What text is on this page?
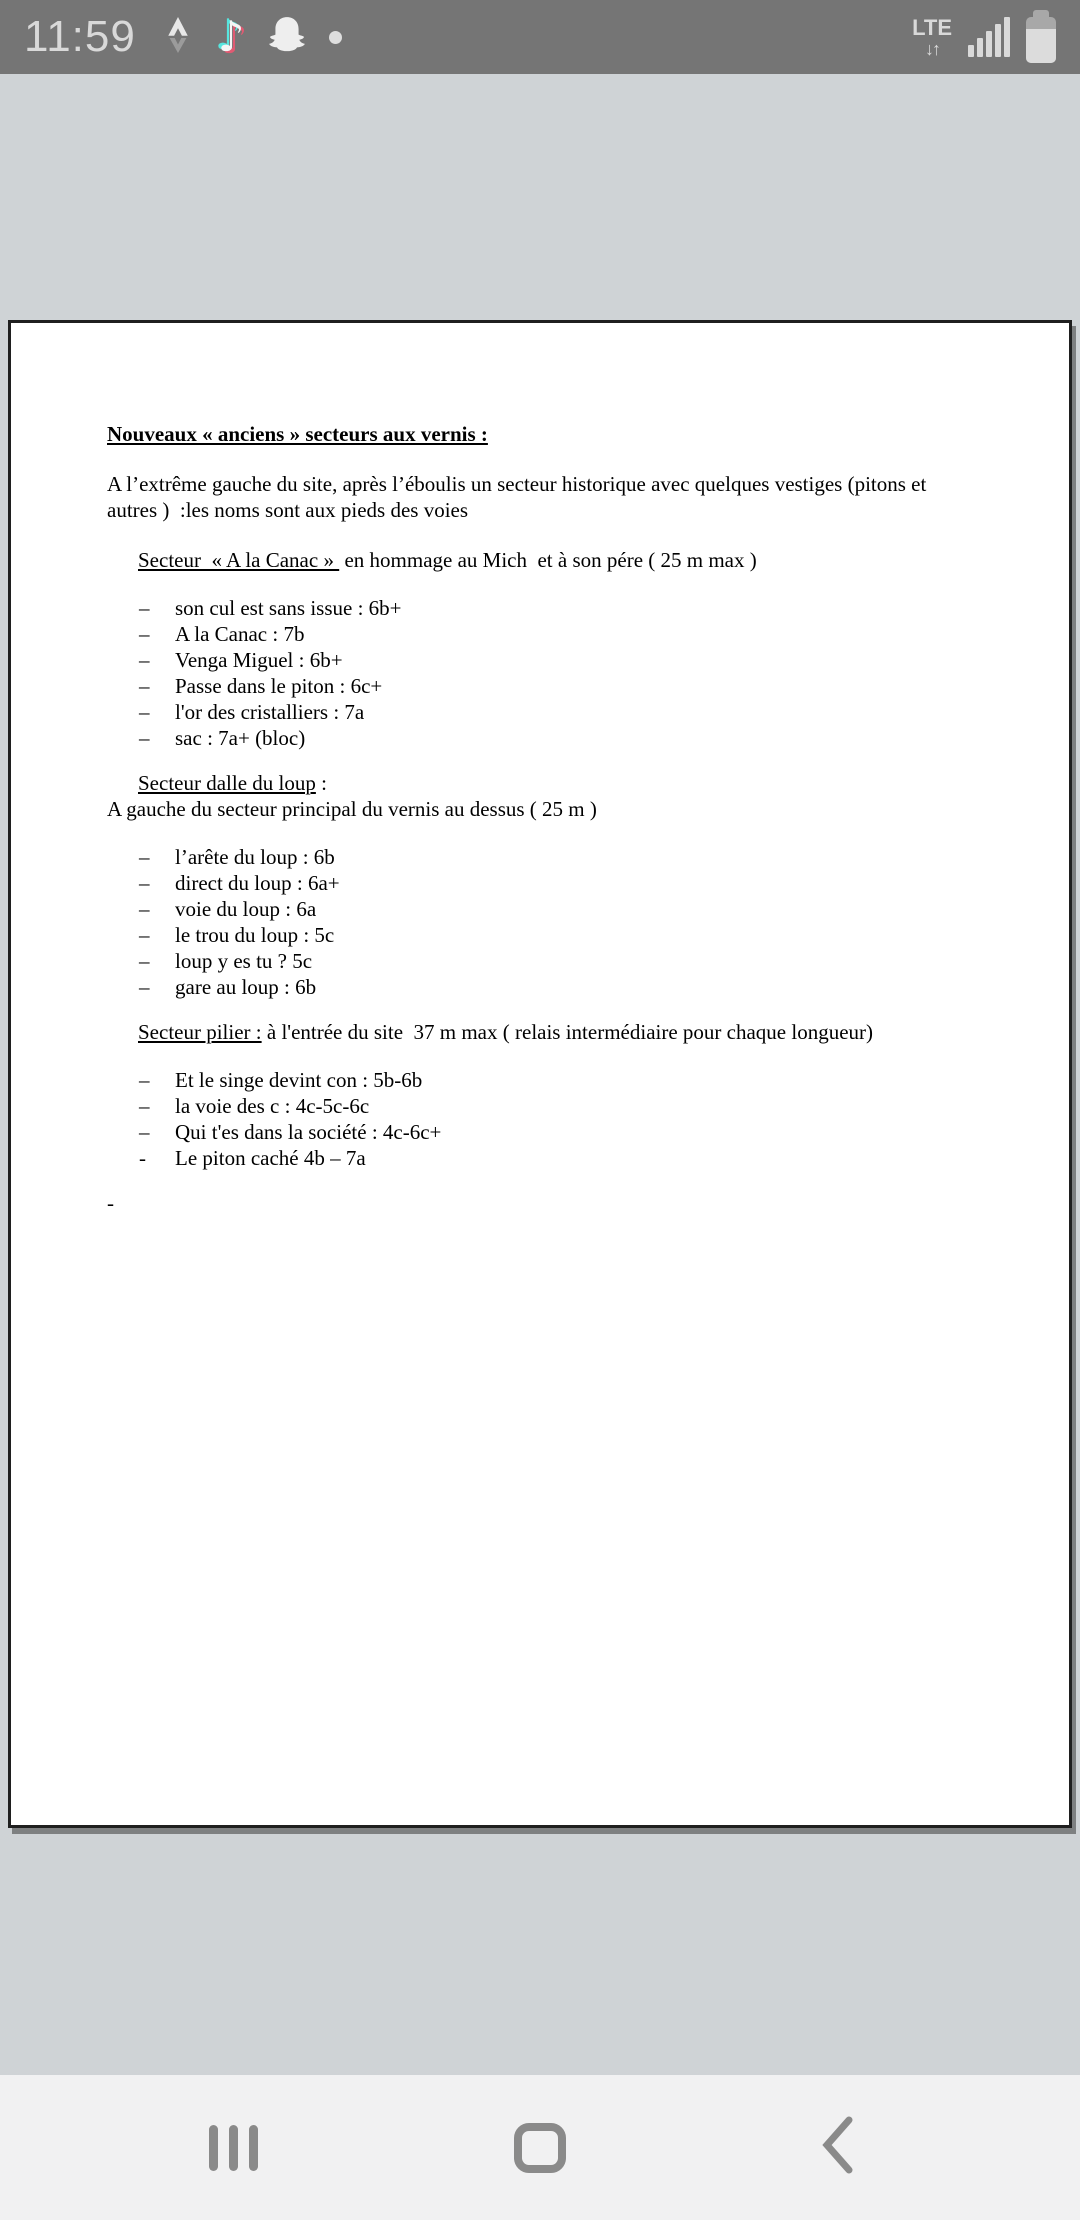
11:59 ♪	LTE
↓↑
Nouveaux « anciens » secteurs aux vernis :

A l’extrême gauche du site, après l’éboulis un secteur historique avec quelques vestiges (pitons et autres )  :les noms sont aux pieds des voies

Secteur  « A la Canac »  en hommage au Mich  et à son pére ( 25 m max )
–	son cul est sans issue : 6b+
–	A la Canac : 7b
–	Venga Miguel : 6b+
–	Passe dans le piton : 6c+
–	l'or des cristalliers : 7a
–	sac : 7a+ (bloc)
Secteur dalle du loup :
A gauche du secteur principal du vernis au dessus ( 25 m )
–	l’arête du loup : 6b
–	direct du loup : 6a+
–	voie du loup : 6a
–	le trou du loup : 5c
–	loup y es tu ? 5c
–	gare au loup : 6b
Secteur pilier : à l'entrée du site  37 m max ( relais intermédiaire pour chaque longueur)
–	Et le singe devint con : 5b-6b
–	la voie des c : 4c-5c-6c
–	Qui t'es dans la société : 4c-6c+
-	Le piton caché 4b – 7a
-
